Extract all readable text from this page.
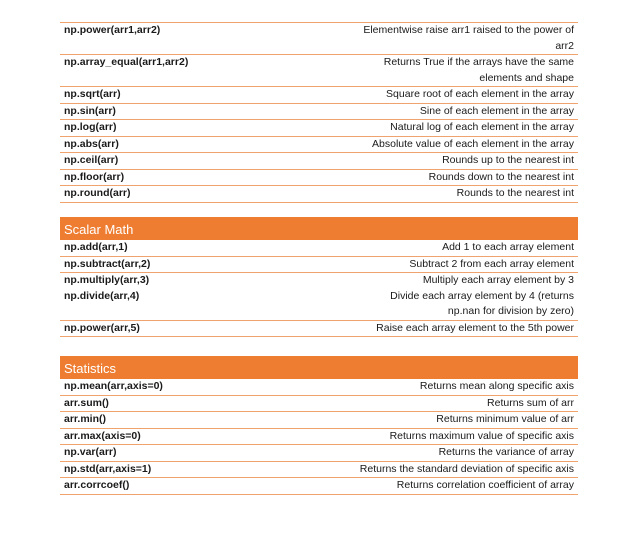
np.power(arr1,arr2)	Elementwise raise arr1 raised to the power of arr2
np.array_equal(arr1,arr2)	Returns True if the arrays have the same elements and shape
np.sqrt(arr)	Square root of each element in the array
np.sin(arr)	Sine of each element in the array
np.log(arr)	Natural log of each element in the array
np.abs(arr)	Absolute value of each element in the array
np.ceil(arr)	Rounds up to the nearest int
np.floor(arr)	Rounds down to the nearest int
np.round(arr)	Rounds to the nearest int
Scalar Math
np.add(arr,1)	Add 1 to each array element
np.subtract(arr,2)	Subtract 2 from each array element
np.multiply(arr,3)	Multiply each array element by 3
np.divide(arr,4)	Divide each array element by 4 (returns np.nan for division by zero)
np.power(arr,5)	Raise each array element to the 5th power
Statistics
np.mean(arr,axis=0)	Returns mean along specific axis
arr.sum()	Returns sum of arr
arr.min()	Returns minimum value of arr
arr.max(axis=0)	Returns maximum value of specific axis
np.var(arr)	Returns the variance of array
np.std(arr,axis=1)	Returns the standard deviation of specific axis
arr.corrcoef()	Returns correlation coefficient of array
